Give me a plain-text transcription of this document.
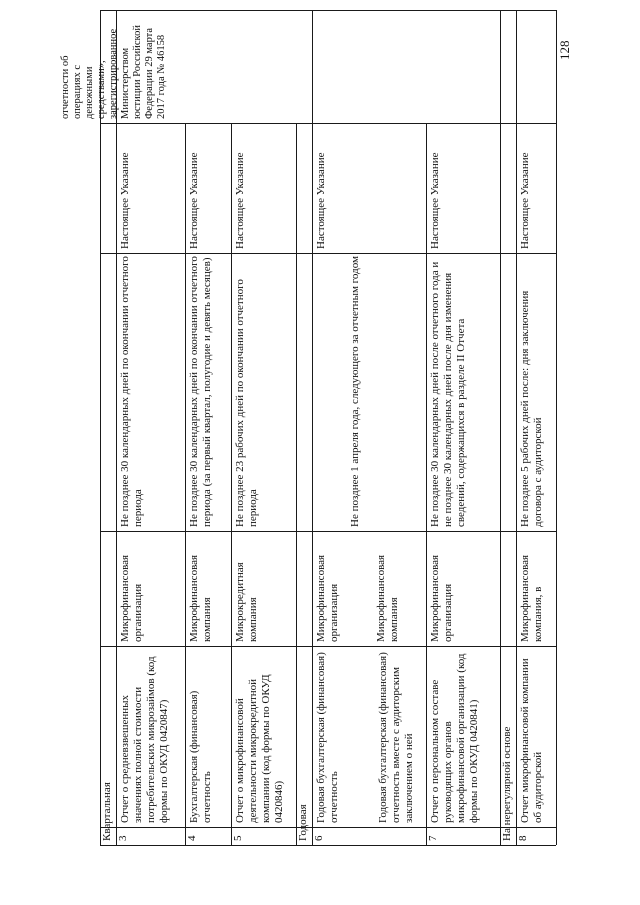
128
отчетности об операциях с денежными средствами», зарегистрированное Министерством юстиции Российской Федерации 29 марта 2017 года № 46158
Настоящее Указание
Квартальная 3
Отчет о средневзвешенных значениях полной стоимости потребительских микрозаймов (код формы по ОКУД 0420847)
Микрофинансовая организация
Не позднее 30 календарных дней по окончании отчетного периода
4
Бухгалтерская (финансовая) отчетность
Микрофинансовая компания
Не позднее 30 календарных дней по окончании отчетного периода (за первый квартал, полугодие и девять месяцев)
Настоящее Указание
5
Отчет о микрофинансовой деятельности микрокредитной компании (код формы по ОКУД 0420846)
Микрокредитная компания
Не позднее 23 рабочих дней по окончании отчетного периода
Настоящее Указание
Годовая 6
Годовая бухгалтерская (финансовая) отчетность	Годовая бухгалтерская (финансовая) отчетность вместе с аудиторским заключением о ней
Микрофинансовая организация	Микрофинансовая компания
Не позднее 1 апреля года, следующего за отчетным годом
Настоящее Указание
7
Отчет о персональном составе руководящих органов микрофинансовой организации (код формы по ОКУД 0420841)
Микрофинансовая организация
Не позднее 30 календарных дней после отчетного года и не позднее 30 календарных дней после дня изменения сведений, содержащихся в разделе II Отчета
Настоящее Указание
На нерегулярной основе 8
Отчет микрофинансовой компании об аудиторской
Микрофинансовая компания, в
Не позднее 5 рабочих дней после: дня заключения договора с аудиторской
Настоящее Указание
